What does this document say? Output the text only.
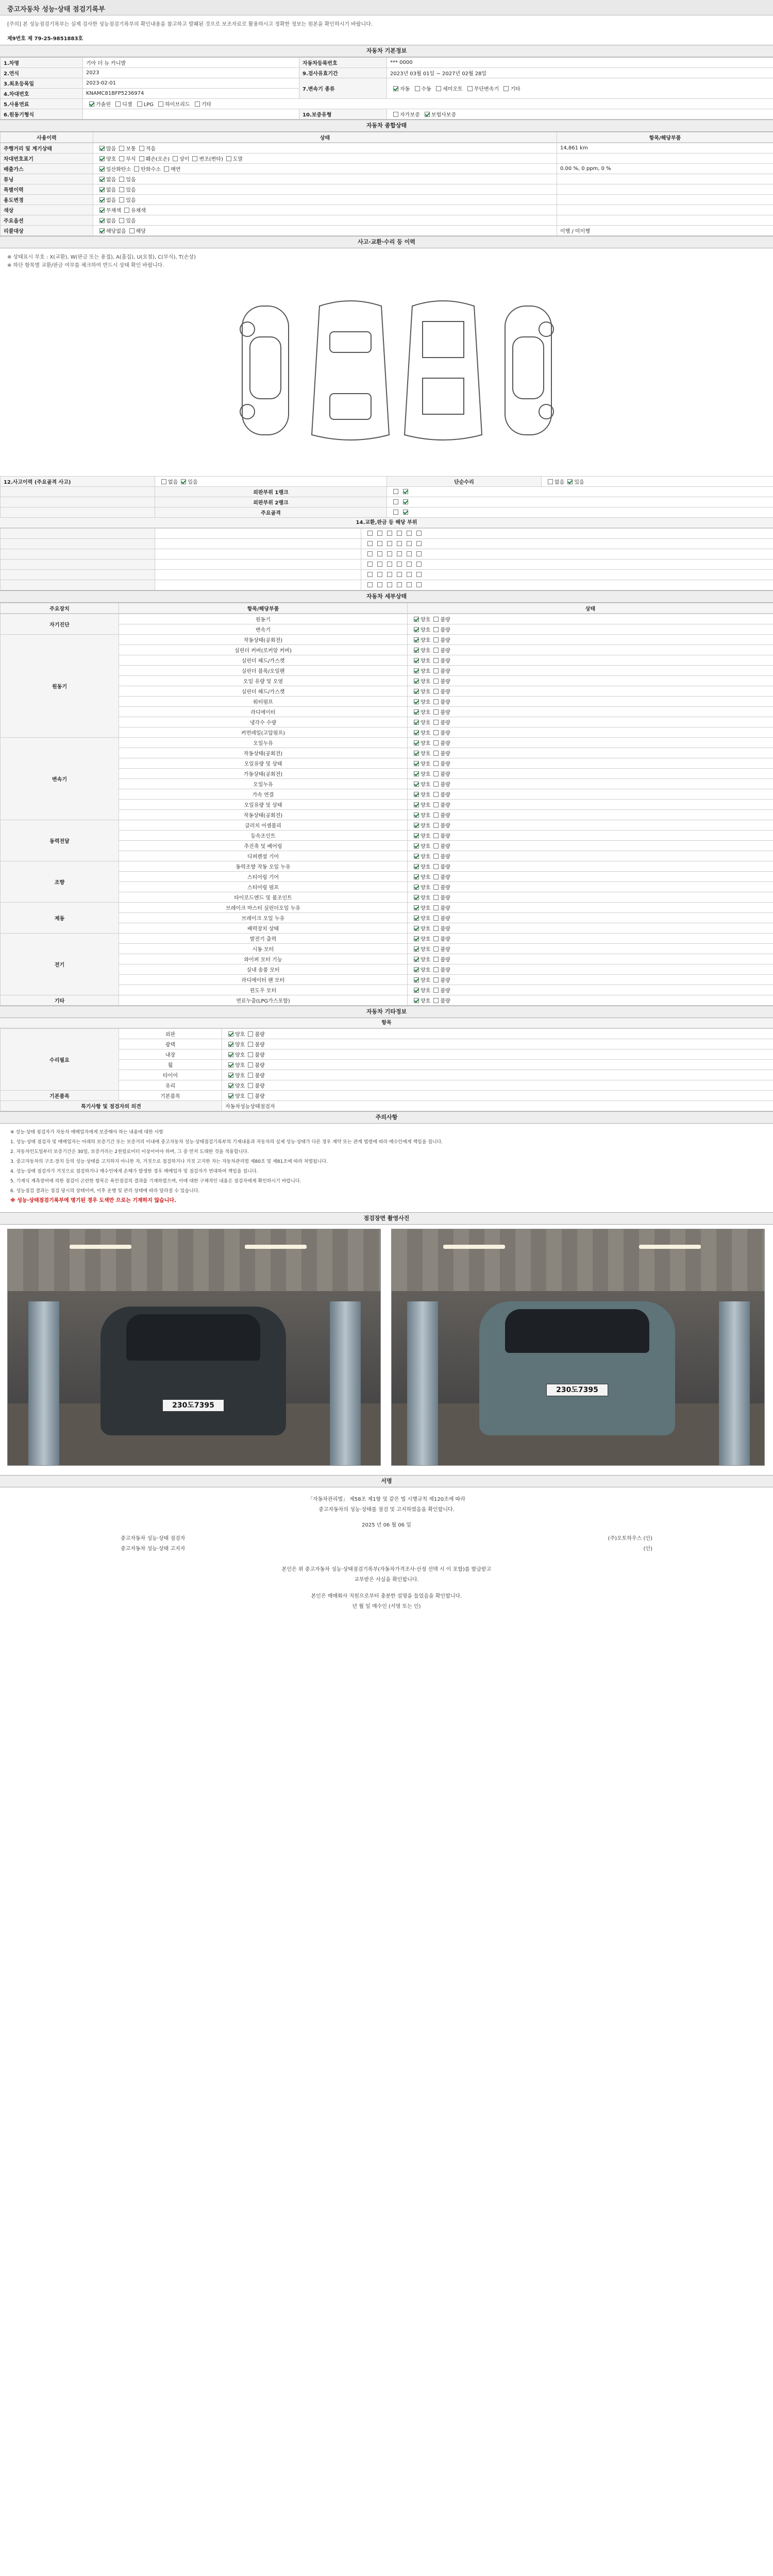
중고자동차 성능·상태 점검기록부
[주의] 본 성능점검기록부는 실제 검사한 성능점검기록부의 확인내용을 참고하고 발췌된 것으로 보조자료로 활용하시고 정확한 정보는 원본을 확인하시기 바랍니다.
제9번호 제 79-25-9851883호
자동차 기본정보
1.차명	기아 더 뉴 카니발	자동차등록번호	*** 0000
2.연식	2023	9.검사유효기간	2023년 03월 01일 ~ 2027년 02월 28일
3.최초등록일	2023-02-01	7.변속기 종류	자동 수동 세미오토 무단변속기 기타
4.차대번호	KNAMC81BFP5236974		
5.사용연료	가솔린 디젤 LPG 하이브리드 기타		
6.원동기형식		10.보증유형	자가보증 보험사보증
자동차 종합상태
사용이력	상태	항목/해당부품
주행거리 및 계기상태	많음 보통 적음	14,861 km
차대번호표기	양호 부식 훼손(오손) 상이 변조(변타) 도말	
배출가스	일산화탄소 탄화수소 매연	0.00 %, 0 ppm, 0 %
튜닝	없음 있음	
특별이력	없음 있음	
용도변경	없음 있음	
색상	무채색 유채색	
주요옵션	없음 있음	
리콜대상	해당없음 해당	이행 / 미이행
사고·교환·수리 등 이력
※ 상태표시 부호 : X(교환), W(판금 또는 용접), A(흠집), U(요철), C(부식), T(손상)
※ 하단 항목별 교환/판금 여부를 체크하여 반드시 상태 확인 바랍니다.
12.사고이력 (주요골격 사고)	없음 있음	단순수리	없음 있음
	외판부위 1랭크		
	외판부위 2랭크		
	주요골격		
14.교환,판금 등 해당 부위

자동차 세부상태
주요장치	항목/해당부품	상태
자기진단	원동기	양호 불량
	변속기	양호 불량
원동기	작동상태(공회전)	양호 불량
	실린더 커버(로커암 커버)	양호 불량
	실린더 헤드/가스켓	양호 불량
	실린더 블록/오일팬	양호 불량
	오일 유량 및 오염	양호 불량
	실린더 헤드/가스켓	양호 불량
	워터펌프	양호 불량
	라디에이터	양호 불량
	냉각수 수량	양호 불량
	커먼레일(고압펌프)	양호 불량
변속기	오일누유	양호 불량
	작동상태(공회전)	양호 불량
	오일유량 및 상태	양호 불량
	가동상태(공회전)	양호 불량
	오일누유	양호 불량
	가속 연결	양호 불량
	오일유량 및 상태	양호 불량
	작동상태(공회전)	양호 불량
동력전달	클러치 어셈블리	양호 불량
	등속조인트	양호 불량
	추진축 및 베어링	양호 불량
	디퍼렌셜 기어	양호 불량
조향	동력조향 작동 오일 누유	양호 불량
	스티어링 기어	양호 불량
	스티어링 펌프	양호 불량
	타이로드엔드 및 볼조인트	양호 불량
제동	브레이크 마스터 실린더오일 누유	양호 불량
	브레이크 오일 누유	양호 불량
	배력장치 상태	양호 불량
전기	발전기 출력	양호 불량
	시동 모터	양호 불량
	와이퍼 모터 기능	양호 불량
	실내 송풍 모터	양호 불량
	라디에이터 팬 모터	양호 불량
	윈도우 모터	양호 불량
기타	연료누출(LPG가스포함)	양호 불량
자동차 기타정보
항목
수리필요	외판	양호 불량
	광택	양호 불량
	내장	양호 불량
	휠	양호 불량
	타이어	양호 불량
	유리	양호 불량
기본품목	기본품목	양호 불량
특기사항 및 점검자의 의견		자동차성능상태점검자
주의사항

※ 성능·상태 점검자가 자동차 매매업자에게 보증해야 하는 내용에 대한 사항

1. 성능·상태 점검자 및 매매업자는 아래의 보증기간 또는 보증거리 이내에 중고자동차 성능·상태점검기록부의 기재내용과 자동차의 실제 성능·상태가 다른 경우 계약 또는 관계 법령에 따라 매수인에게 책임을 집니다.

2. 자동차인도일부터 보증기간은 30일, 보증거리는 2천킬로미터 이상이어야 하며, 그 중 먼저 도래한 것을 적용합니다.

3. 중고자동차의 구조·장치 등의 성능·상태를 고지하지 아니한 자, 거짓으로 점검하거나 거짓 고지한 자는 자동차관리법 제80조 및 제81조에 따라 처벌됩니다.

4. 성능·상태 점검자가 거짓으로 점검하거나 매수인에게 손해가 발생한 경우 매매업자 및 점검자가 연대하여 책임을 집니다.

5. 기계식 계측장비에 의한 점검이 곤란한 항목은 육안점검의 결과를 기재하였으며, 이에 대한 구체적인 내용은 점검자에게 확인하시기 바랍니다.

6. 성능점검 결과는 점검 당시의 상태이며, 이후 운행 및 관리 상태에 따라 달라질 수 있습니다.

※ 성능·상태점검기록부에 명기된 경우 도색만 으로는 기재하지 않습니다.

점검장면 촬영사진
230도7395
230도7395
서명
「자동차관리법」 제58조 제1항 및 같은 법 시행규칙 제120조에 따라
중고자동차의 성능·상태를 점검 및 고지하였음을 확인합니다.
2025 년 06 월 06 일
중고자동차 성능·상태 점검자	(주)오토하우스 (인)
중고자동차 성능·상태 고지자	(인)
본인은 위 중고자동차 성능·상태점검기록부(자동차가격조사·산정 선택 시 이 포함)를 발급받고
교부받은 사실을 확인합니다.
본인은 매매회사 직원으로부터 충분한 설명을 들었음을 확인합니다.
년 월 일 매수인 (서명 또는 인)
